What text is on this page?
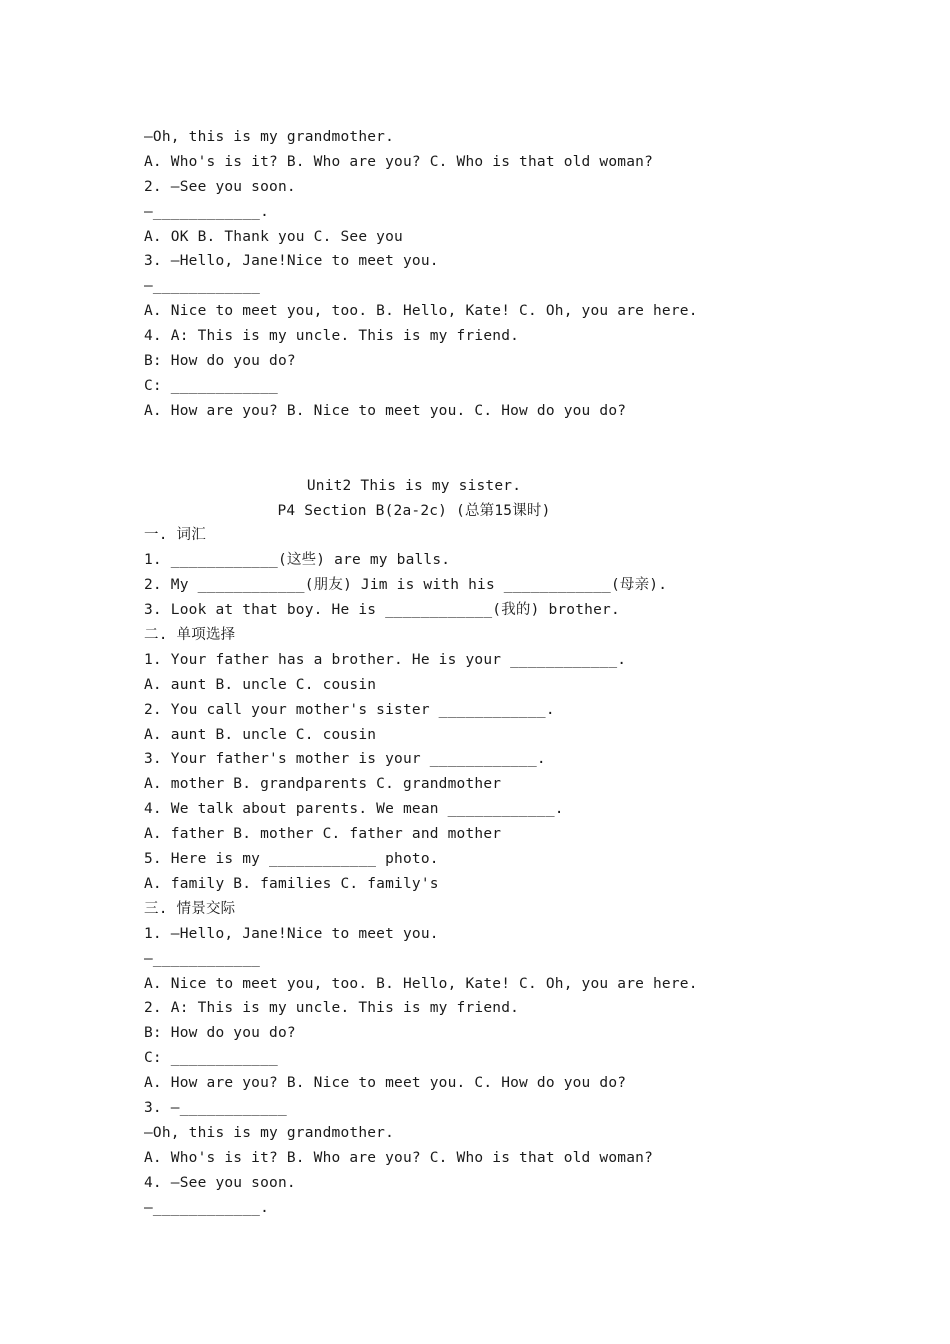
—Oh, this is my grandmother.
A. Who's is it? B. Who are you? C. Who is that old woman?
2. —See you soon.
—____________.
A. OK B. Thank you C. See you
3. —Hello, Jane!Nice to meet you.
—____________
A. Nice to meet you, too. B. Hello, Kate! C. Oh, you are here.
4. A: This is my uncle. This is my friend.
B: How do you do?
C: ____________
A. How are you? B. Nice to meet you. C. How do you do?
Unit2 This is my sister.
P4 Section B(2a-2c) (总第15课时)
一. 词汇
1. ____________(这些) are my balls.
2. My ____________(朋友) Jim is with his ____________(母亲).
3. Look at that boy. He is ____________(我的) brother.
二. 单项选择
1. Your father has a brother. He is your ____________.
A. aunt B. uncle C. cousin
2. You call your mother's sister ____________.
A. aunt B. uncle C. cousin
3. Your father's mother is your ____________.
A. mother B. grandparents C. grandmother
4. We talk about parents. We mean ____________.
A. father B. mother C. father and mother
5. Here is my ____________ photo.
A. family B. families C. family's
三. 情景交际
1. —Hello, Jane!Nice to meet you.
—____________
A. Nice to meet you, too. B. Hello, Kate! C. Oh, you are here.
2. A: This is my uncle. This is my friend.
B: How do you do?
C: ____________
A. How are you? B. Nice to meet you. C. How do you do?
3. —____________
—Oh, this is my grandmother.
A. Who's is it? B. Who are you? C. Who is that old woman?
4. —See you soon.
—____________.
